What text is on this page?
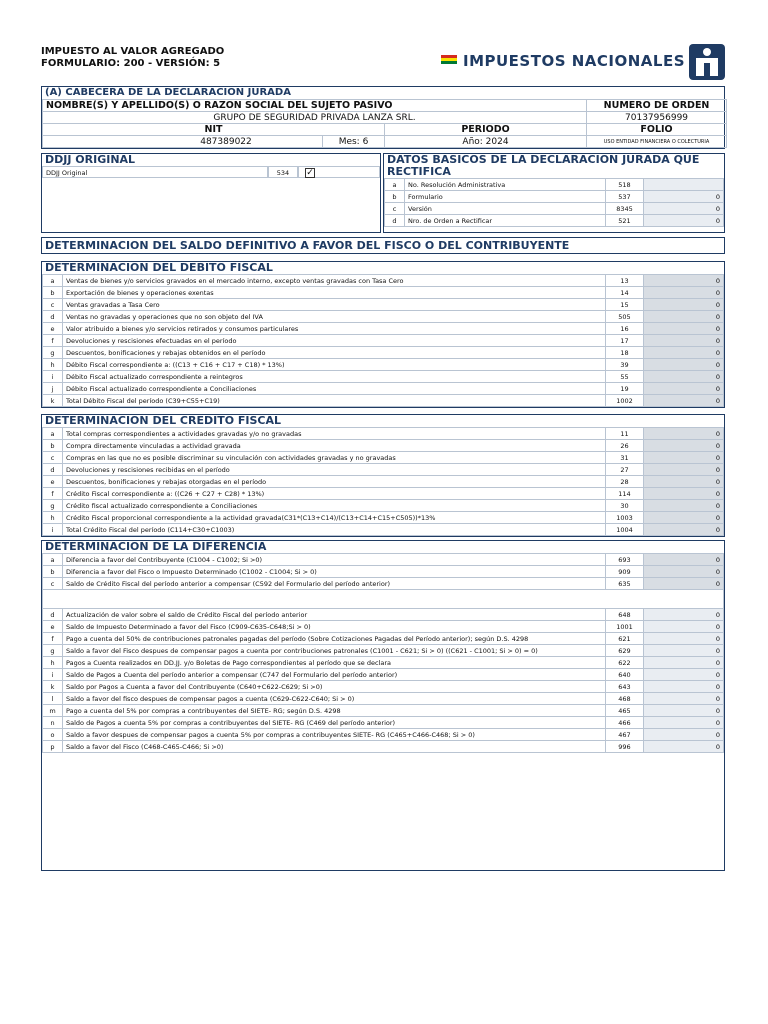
IMPUESTO AL VALOR AGREGADO
FORMULARIO: 200 - VERSIÓN: 5	IMPUESTOS NACIONALES
(A) CABECERA DE LA DECLARACION JURADA
NOMBRE(S) Y APELLIDO(S) O RAZÓN SOCIAL DEL SUJETO PASIVO			NÚMERO DE ORDEN
GRUPO DE SEGURIDAD PRIVADA LANZA SRL.			70137956999
NIT		PERIODO	FOLIO
487389022	Mes: 6	Año: 2024	USO ENTIDAD FINANCIERA O COLECTURIA
DDJJ ORIGINAL
DDJJ Original	534	✓
DATOS BASICOS DE LA DECLARACION JURADA QUE RECTIFICA
a	No. Resolución Administrativa	518	
b	Formulario	537	0
c	Versión	8345	0
d	Nro. de Orden a Rectificar	521	0
DETERMINACION DEL SALDO DEFINITIVO A FAVOR DEL FISCO O DEL CONTRIBUYENTE
DETERMINACION DEL DEBITO FISCAL
a	Ventas de bienes y/o servicios gravados en el mercado interno, excepto ventas gravadas con Tasa Cero	13	0
b	Exportación de bienes y operaciones exentas	14	0
c	Ventas gravadas a Tasa Cero	15	0
d	Ventas no gravadas y operaciones que no son objeto del IVA	505	0
e	Valor atribuido a bienes y/o servicios retirados y consumos particulares	16	0
f	Devoluciones y rescisiones efectuadas en el período	17	0
g	Descuentos, bonificaciones y rebajas obtenidos en el período	18	0
h	Débito Fiscal correspondiente a: ((C13 + C16 + C17 + C18) * 13%)	39	0
i	Débito Fiscal actualizado correspondiente a reintegros	55	0
j	Débito Fiscal actualizado correspondiente a Conciliaciones	19	0
k	Total Débito Fiscal del período (C39+C55+C19)	1002	0
DETERMINACION DEL CREDITO FISCAL
a	Total compras correspondientes a actividades gravadas y/o no gravadas	11	0
b	Compra directamente vinculadas a actividad gravada	26	0
c	Compras en las que no es posible discriminar su vinculación con actividades gravadas y no gravadas	31	0
d	Devoluciones y rescisiones recibidas en el período	27	0
e	Descuentos, bonificaciones y rebajas otorgadas en el período	28	0
f	Crédito Fiscal correspondiente a: ((C26 + C27 + C28) * 13%)	114	0
g	Crédito fiscal actualizado correspondiente a Conciliaciones	30	0
h	Crédito Fiscal proporcional correspondiente a la actividad gravada(C31*(C13+C14)/(C13+C14+C15+C505))*13%	1003	0
i	Total Crédito Fiscal del período (C114+C30+C1003)	1004	0
DETERMINACION DE LA DIFERENCIA
a	Diferencia a favor del Contribuyente (C1004 - C1002; Si >0)	693	0
b	Diferencia a favor del Fisco o Impuesto Determinado (C1002 - C1004; Si > 0)	909	0
c	Saldo de Crédito Fiscal del período anterior a compensar (C592 del Formulario del período anterior)	635	0
d	Actualización de valor sobre el saldo de Crédito Fiscal del período anterior	648	0
e	Saldo de Impuesto Determinado a favor del Fisco (C909-C635-C648;Si > 0)	1001	0
f	Pago a cuenta del 50% de contribuciones patronales pagadas del período (Sobre Cotizaciones Pagadas del Período anterior); según D.S. 4298	621	0
g	Saldo a favor del Fisco despues de compensar pagos a cuenta por contribuciones patronales (C1001 - C621; Si > 0) ((C621 - C1001; Si > 0) = 0)	629	0
h	Pagos a Cuenta realizados en DD.JJ. y/o Boletas de Pago correspondientes al período que se declara	622	0
i	Saldo de Pagos a Cuenta del período anterior a compensar (C747 del Formulario del período anterior)	640	0
k	Saldo por Pagos a Cuenta a favor del Contribuyente (C640+C622-C629; Si >0)	643	0
l	Saldo a favor del fisco despues de compensar pagos a cuenta (C629-C622-C640; Si > 0)	468	0
m	Pago a cuenta del 5% por compras a contribuyentes del SIETE- RG; según D.S. 4298	465	0
n	Saldo de Pagos a cuenta 5% por compras a contribuyentes del SIETE- RG (C469 del período anterior)	466	0
o	Saldo a favor despues de compensar pagos a cuenta 5% por compras a contribuyentes SIETE- RG (C465+C466-C468; Si > 0)	467	0
p	Saldo a favor del Fisco (C468-C465-C466; Si >0)	996	0
